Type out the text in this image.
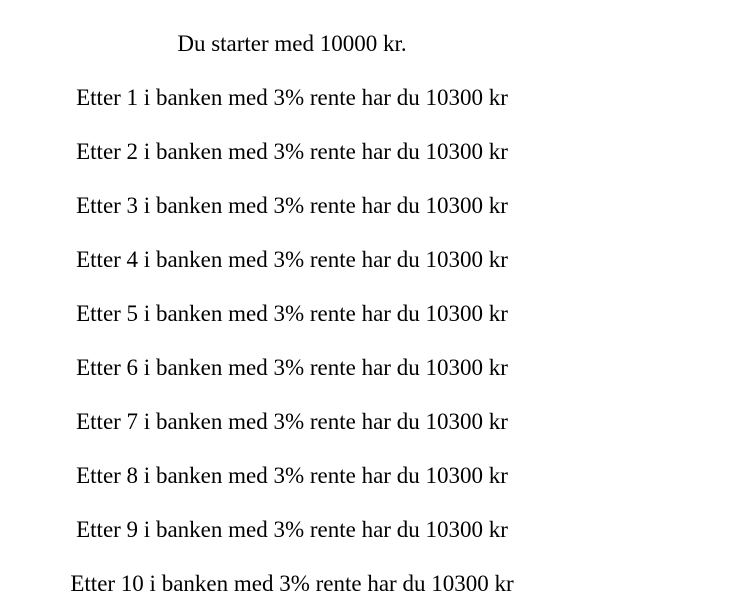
Du starter med 10000 kr.

Etter 1 i banken med 3% rente har du 10300 kr
Etter 2 i banken med 3% rente har du 10300 kr
Etter 3 i banken med 3% rente har du 10300 kr
Etter 4 i banken med 3% rente har du 10300 kr
Etter 5 i banken med 3% rente har du 10300 kr
Etter 6 i banken med 3% rente har du 10300 kr
Etter 7 i banken med 3% rente har du 10300 kr
Etter 8 i banken med 3% rente har du 10300 kr
Etter 9 i banken med 3% rente har du 10300 kr
Etter 10 i banken med 3% rente har du 10300 kr
